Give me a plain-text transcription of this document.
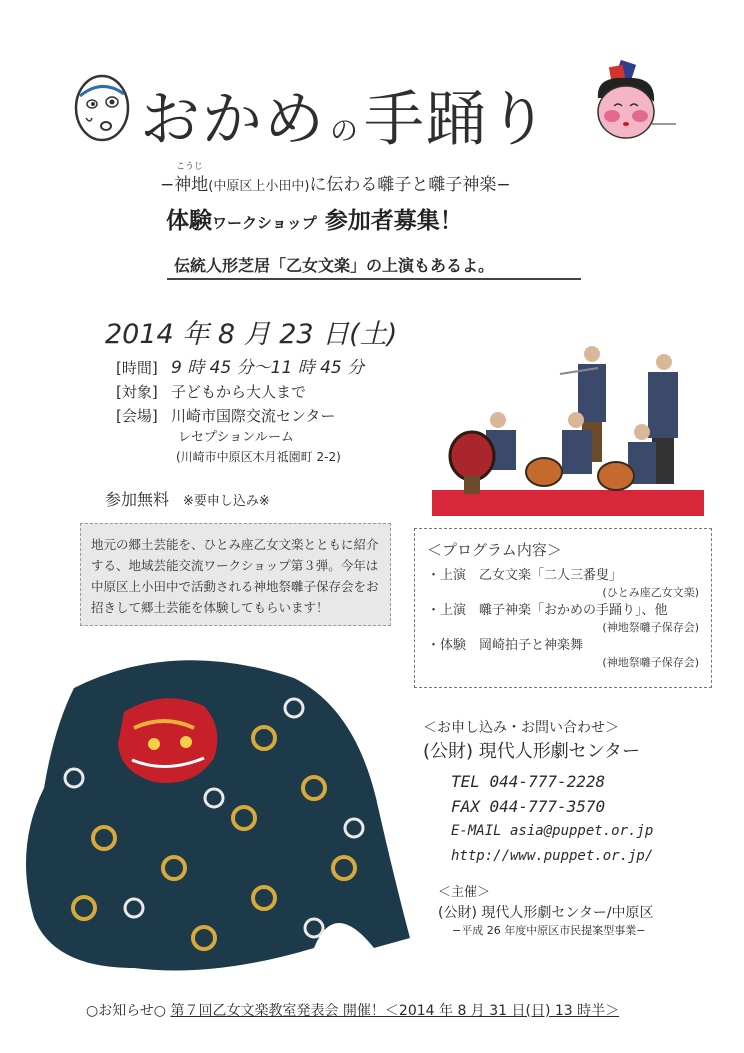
おかめ の手踊り
こうじ
−神地(中原区上小田中)に伝わる囃子と囃子神楽−
体験ワークショップ 参加者募集！
伝統人形芝居「乙女文楽」の上演もあるよ。
2014 年 8 月 23 日(土)
[時間] 9 時 45 分〜11 時 45 分
[対象] 子どもから大人まで
[会場] 川崎市国際交流センター
レセプションルーム
(川崎市中原区木月祗園町 2-2)
参加無料 ※要申し込み※
地元の郷土芸能を、ひとみ座乙女文楽とともに紹介する、地域芸能交流ワークショップ第３弾。今年は中原区上小田中で活動される神地祭囃子保存会をお招きして郷土芸能を体験してもらいます！
＜プログラム内容＞
・上演　乙女文楽「二人三番叟」
(ひとみ座乙女文楽)
・上演　囃子神楽「おかめの手踊り」、他
(神地祭囃子保存会)
・体験　岡崎拍子と神楽舞
(神地祭囃子保存会)
＜お申し込み・お問い合わせ＞
(公財) 現代人形劇センター
TEL 044-777-2228
FAX 044-777-3570
E-MAIL asia@puppet.or.jp
http://www.puppet.or.jp/
＜主催＞
(公財) 現代人形劇センター/中原区
−平成 26 年度中原区市民提案型事業−
○お知らせ○ 第７回乙女文楽教室発表会 開催！＜2014 年 8 月 31 日(日) 13 時半＞
